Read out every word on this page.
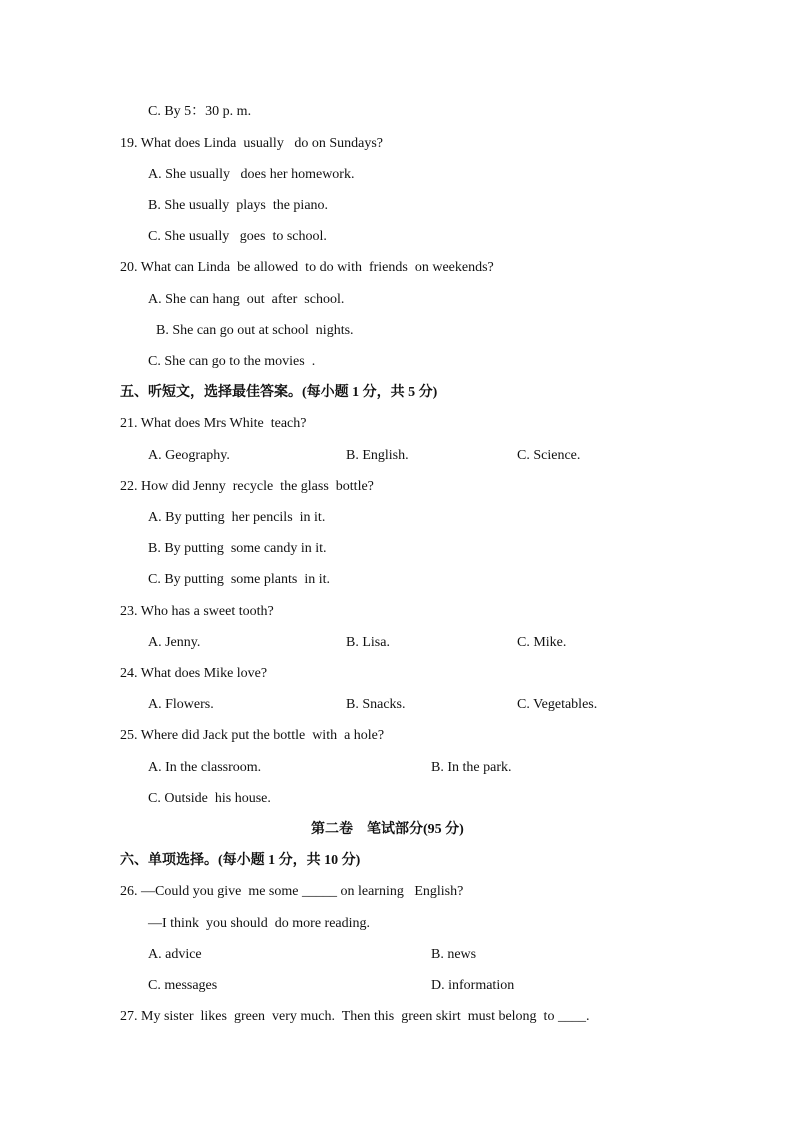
C. By 5：30 p. m.
19. What does Linda  usually   do on Sundays?
A. She usually   does her homework.
B. She usually  plays  the piano.
C. She usually   goes  to school.
20. What can Linda  be allowed  to do with  friends  on weekends?
A. She can hang  out  after  school.
B. She can go out at school  nights.
C. She can go to the movies  .
五、听短文，选择最佳答案。(每小题 1 分，共 5 分)
21. What does Mrs White  teach?
A. Geography.	B. English.	C. Science.
22. How did Jenny  recycle  the glass  bottle?
A. By putting  her pencils  in it.
B. By putting  some candy in it.
C. By putting  some plants  in it.
23. Who has a sweet tooth?
A. Jenny.	B. Lisa.	C. Mike.
24. What does Mike love?
A. Flowers.	B. Snacks.	C. Vegetables.
25. Where did Jack put the bottle  with  a hole?
A. In the classroom.	B. In the park.
C. Outside  his house.
第二卷    笔试部分(95 分)
六、单项选择。(每小题 1 分，共 10 分)
26. —Could you give  me some _____ on learning   English?
—I think  you should  do more reading.
A. advice	B. news
C. messages	D. information
27. My sister  likes  green  very much.  Then this  green skirt  must belong  to ____.
